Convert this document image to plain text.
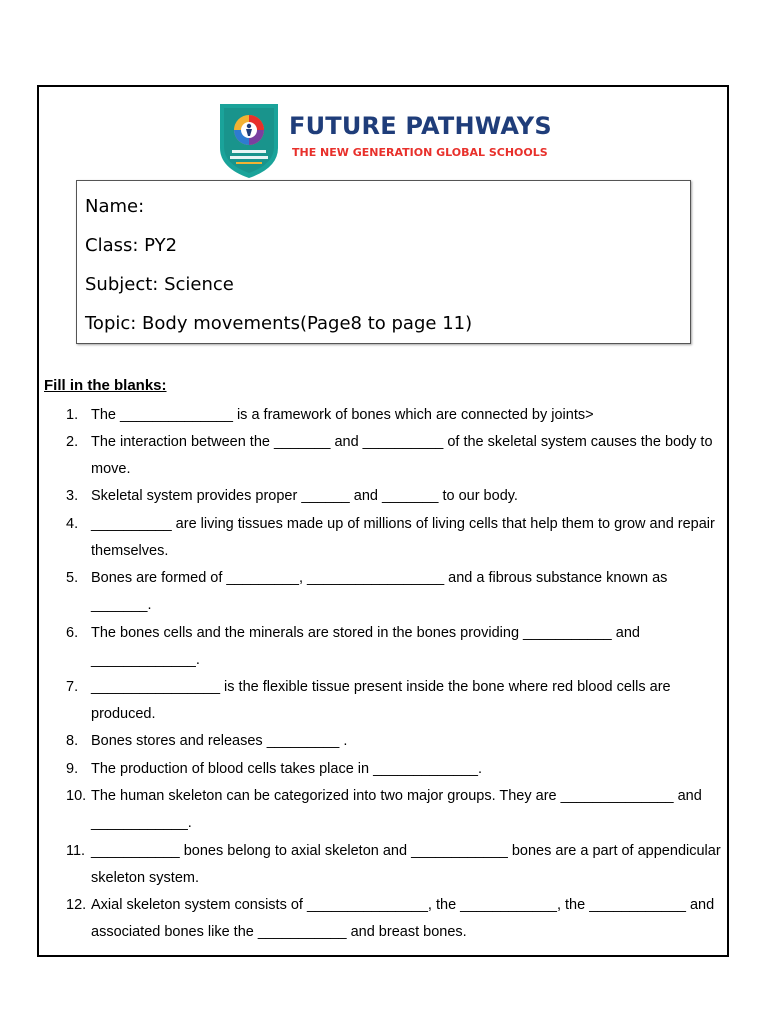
FUTURE PATHWAYS
THE NEW GENERATION GLOBAL SCHOOLS
Name:
Class: PY2
Subject: Science
Topic: Body movements(Page8 to page 11)
Fill in the blanks:
1. The ______________ is a framework of bones which are connected by joints>
2. The interaction between the _______ and __________ of the skeletal system causes the body to move.
3. Skeletal system provides proper ______ and _______ to our body.
4. __________ are living tissues made up of millions of living cells that help them to grow and repair themselves.
5. Bones are formed of _________, _________________ and a fibrous substance known as _______.
6. The bones cells and the minerals are stored in the bones providing ___________ and _____________.
7. ________________ is the flexible tissue present inside the bone where red blood cells are produced.
8. Bones stores and releases _________ .
9. The production of blood cells takes place in _____________.
10. The human skeleton can be categorized into two major groups. They are ______________ and ____________.
11. ___________ bones belong to axial skeleton and ____________ bones are a part of appendicular skeleton system.
12. Axial skeleton system consists of _______________, the ____________, the ____________ and associated bones like the ___________ and breast bones.
